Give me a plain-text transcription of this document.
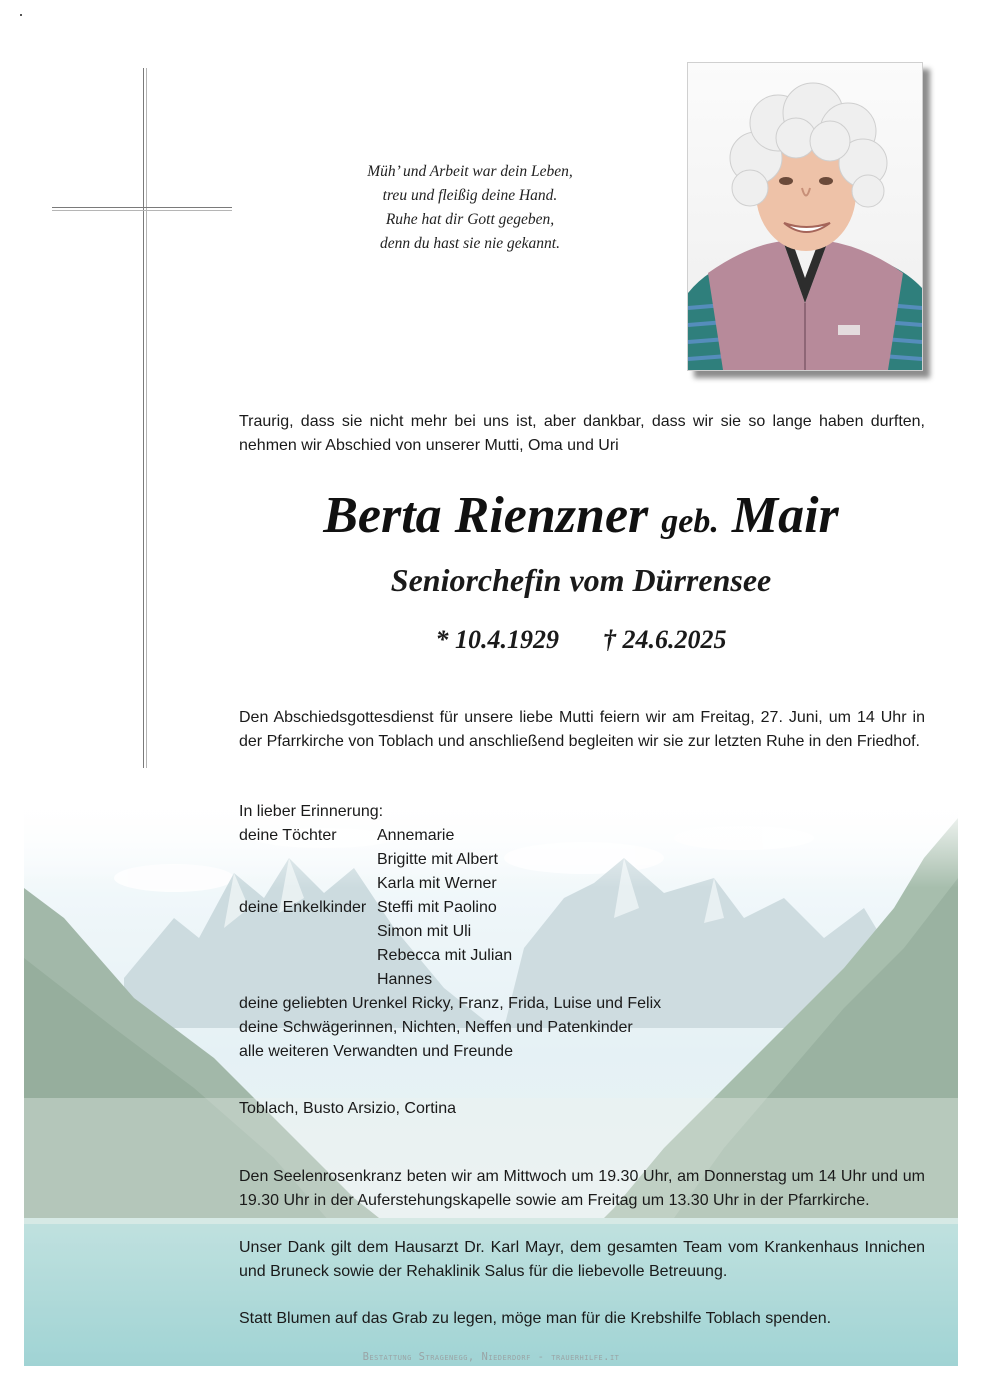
Müh’ und Arbeit war dein Leben,
treu und fleißig deine Hand.
Ruhe hat dir Gott gegeben,
denn du hast sie nie gekannt.
Traurig, dass sie nicht mehr bei uns ist, aber dankbar, dass wir sie so lange haben durften, nehmen wir Abschied von unserer Mutti, Oma und Uri
Berta Rienzner geb. Mair
Seniorchefin vom Dürrensee
* 10.4.1929 † 24.6.2025
Den Abschiedsgottesdienst für unsere liebe Mutti feiern wir am Freitag, 27. Juni, um 14 Uhr in der Pfarrkirche von Toblach und anschließend begleiten wir sie zur letzten Ruhe in den Friedhof.
In lieber Erinnerung:
deine Töchter	Annemarie
Brigitte mit Albert
Karla mit Werner
deine Enkelkinder Steffi mit Paolino
Simon mit Uli
Rebecca mit Julian
Hannes
deine geliebten Urenkel Ricky, Franz, Frida, Luise und Felix
deine Schwägerinnen, Nichten, Neffen und Patenkinder
alle weiteren Verwandten und Freunde
Toblach, Busto Arsizio, Cortina
Den Seelenrosenkranz beten wir am Mittwoch um 19.30 Uhr, am Donnerstag um 14 Uhr und um 19.30 Uhr in der Auferstehungskapelle sowie am Freitag um 13.30 Uhr in der Pfarrkirche.
Unser Dank gilt dem Hausarzt Dr. Karl Mayr, dem gesamten Team vom Krankenhaus Innichen und Bruneck sowie der Rehaklinik Salus für die liebevolle Betreuung.
Statt Blumen auf das Grab zu legen, möge man für die Krebshilfe Toblach spenden.
Bestattung Stragenegg, Niederdorf - trauerhilfe.it
